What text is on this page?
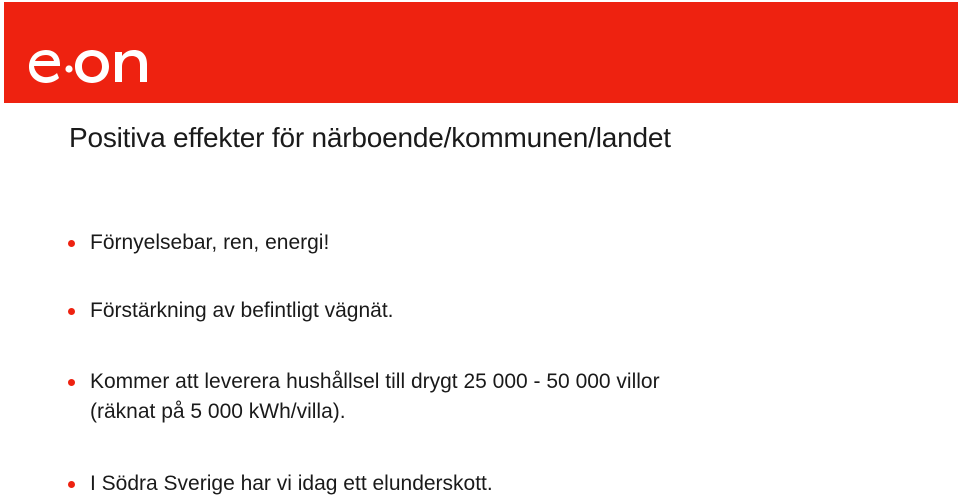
Positiva effekter för närboende/kommunen/landet
Förnyelsebar, ren, energi!
Förstärkning av befintligt vägnät.
Kommer att leverera hushållsel till drygt 25 000 - 50 000 villor
(räknat på 5 000 kWh/villa).
I Södra Sverige har vi idag ett elunderskott.
